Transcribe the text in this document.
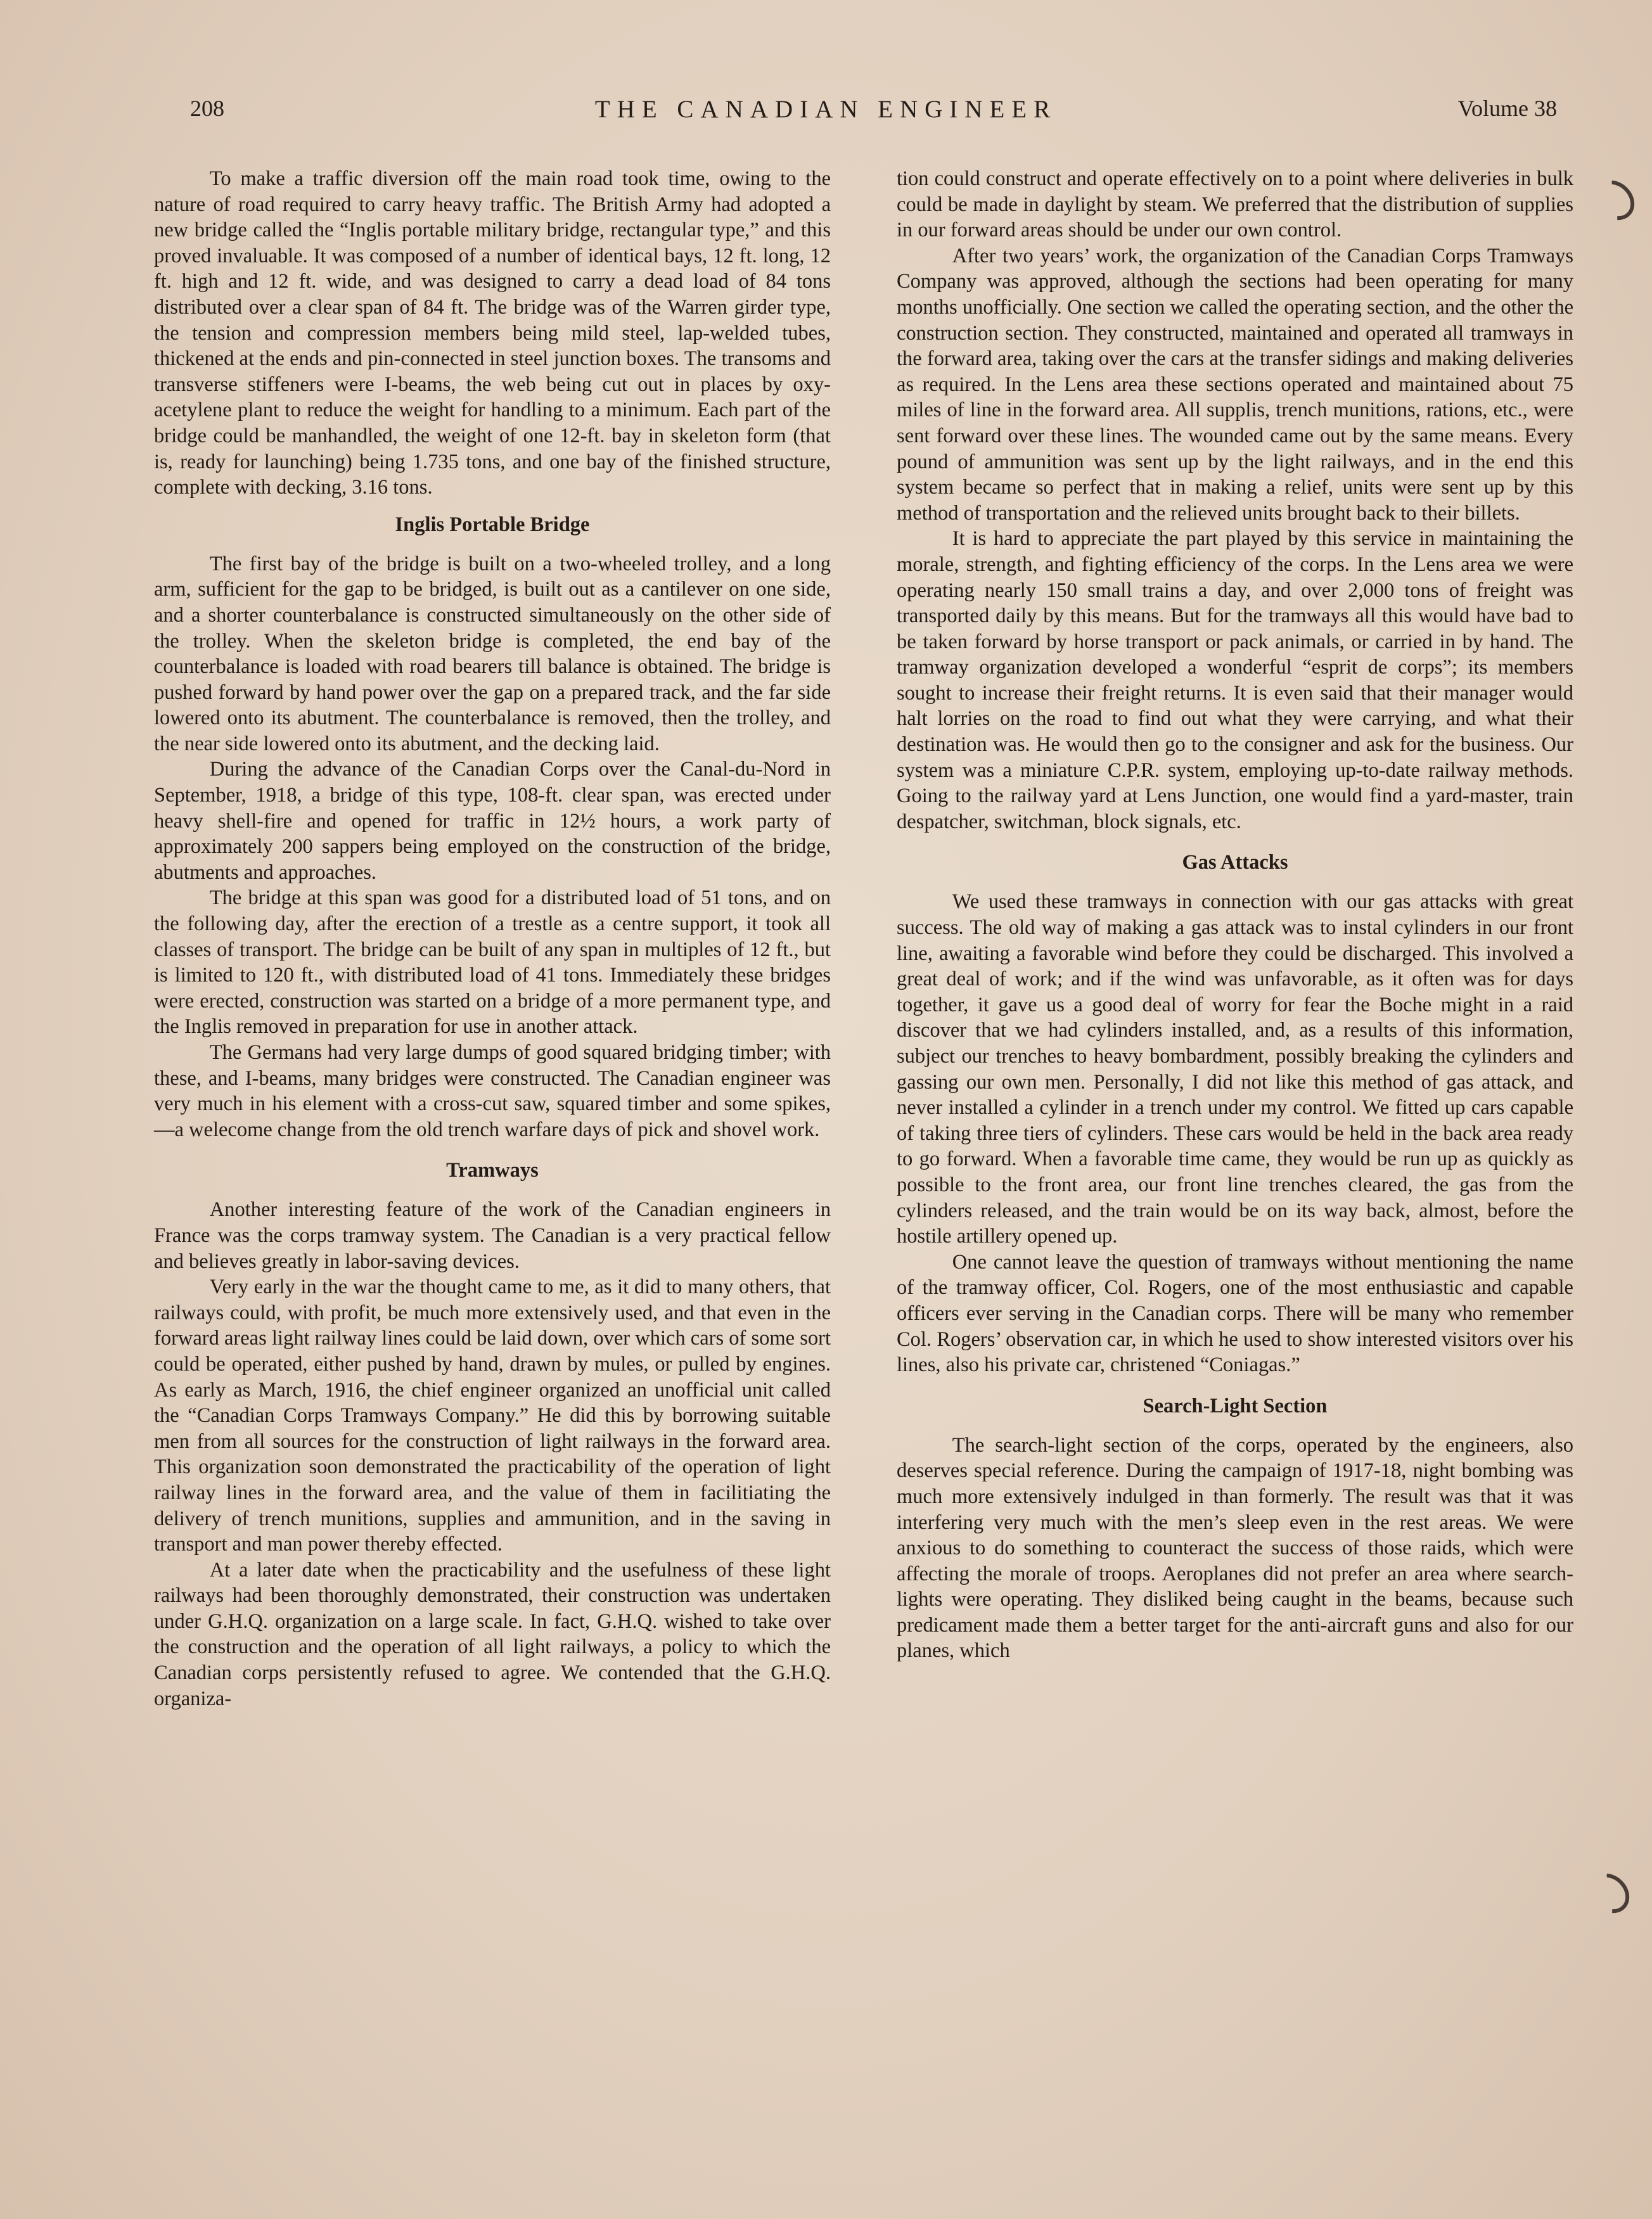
208	THE CANADIAN ENGINEER	Volume 38

To make a traffic diversion off the main road took time, owing to the nature of road required to carry heavy traffic. The British Army had adopted a new bridge called the “Inglis portable military bridge, rectangular type,” and this proved invaluable. It was composed of a number of identical bays, 12 ft. long, 12 ft. high and 12 ft. wide, and was designed to carry a dead load of 84 tons distributed over a clear span of 84 ft. The bridge was of the Warren girder type, the tension and compression members being mild steel, lap-welded tubes, thickened at the ends and pin-connected in steel junction boxes. The transoms and transverse stiffeners were I-beams, the web being cut out in places by oxy-acetylene plant to reduce the weight for handling to a minimum. Each part of the bridge could be manhandled, the weight of one 12-ft. bay in skeleton form (that is, ready for launching) being 1.735 tons, and one bay of the finished structure, complete with decking, 3.16 tons.

Inglis Portable Bridge

The first bay of the bridge is built on a two-wheeled trolley, and a long arm, sufficient for the gap to be bridged, is built out as a cantilever on one side, and a shorter counterbalance is constructed simultaneously on the other side of the trolley. When the skeleton bridge is completed, the end bay of the counterbalance is loaded with road bearers till balance is obtained. The bridge is pushed forward by hand power over the gap on a prepared track, and the far side lowered onto its abutment. The counterbalance is removed, then the trolley, and the near side lowered onto its abutment, and the decking laid.

During the advance of the Canadian Corps over the Canal-du-Nord in September, 1918, a bridge of this type, 108-ft. clear span, was erected under heavy shell-fire and opened for traffic in 12½ hours, a work party of approximately 200 sappers being employed on the construction of the bridge, abutments and approaches.

The bridge at this span was good for a distributed load of 51 tons, and on the following day, after the erection of a trestle as a centre support, it took all classes of transport. The bridge can be built of any span in multiples of 12 ft., but is limited to 120 ft., with distributed load of 41 tons. Immediately these bridges were erected, construction was started on a bridge of a more permanent type, and the Inglis removed in preparation for use in another attack.

The Germans had very large dumps of good squared bridging timber; with these, and I-beams, many bridges were constructed. The Canadian engineer was very much in his element with a cross-cut saw, squared timber and some spikes,—a welecome change from the old trench warfare days of pick and shovel work.

Tramways

Another interesting feature of the work of the Canadian engineers in France was the corps tramway system. The Canadian is a very practical fellow and believes greatly in labor-saving devices.

Very early in the war the thought came to me, as it did to many others, that railways could, with profit, be much more extensively used, and that even in the forward areas light railway lines could be laid down, over which cars of some sort could be operated, either pushed by hand, drawn by mules, or pulled by engines. As early as March, 1916, the chief engineer organized an unofficial unit called the “Canadian Corps Tramways Company.” He did this by borrowing suitable men from all sources for the construction of light railways in the forward area. This organization soon demonstrated the practicability of the operation of light railway lines in the forward area, and the value of them in facilitiating the delivery of trench munitions, supplies and ammunition, and in the saving in transport and man power thereby effected.

At a later date when the practicability and the usefulness of these light railways had been thoroughly demonstrated, their construction was undertaken under G.H.Q. organization on a large scale. In fact, G.H.Q. wished to take over the construction and the operation of all light railways, a policy to which the Canadian corps persistently refused to agree. We contended that the G.H.Q. organiza-

tion could construct and operate effectively on to a point where deliveries in bulk could be made in daylight by steam. We preferred that the distribution of supplies in our forward areas should be under our own control.

After two years’ work, the organization of the Canadian Corps Tramways Company was approved, although the sections had been operating for many months unofficially. One section we called the operating section, and the other the construction section. They constructed, maintained and operated all tramways in the forward area, taking over the cars at the transfer sidings and making deliveries as required. In the Lens area these sections operated and maintained about 75 miles of line in the forward area. All supplis, trench munitions, rations, etc., were sent forward over these lines. The wounded came out by the same means. Every pound of ammunition was sent up by the light railways, and in the end this system became so perfect that in making a relief, units were sent up by this method of transportation and the relieved units brought back to their billets.

It is hard to appreciate the part played by this service in maintaining the morale, strength, and fighting efficiency of the corps. In the Lens area we were operating nearly 150 small trains a day, and over 2,000 tons of freight was transported daily by this means. But for the tramways all this would have bad to be taken forward by horse transport or pack animals, or carried in by hand. The tramway organization developed a wonderful “esprit de corps”; its members sought to increase their freight returns. It is even said that their manager would halt lorries on the road to find out what they were carrying, and what their destination was. He would then go to the consigner and ask for the business. Our system was a miniature C.P.R. system, employing up-to-date railway methods. Going to the railway yard at Lens Junction, one would find a yard-master, train despatcher, switchman, block signals, etc.

Gas Attacks

We used these tramways in connection with our gas attacks with great success. The old way of making a gas attack was to instal cylinders in our front line, awaiting a favorable wind before they could be discharged. This involved a great deal of work; and if the wind was unfavorable, as it often was for days together, it gave us a good deal of worry for fear the Boche might in a raid discover that we had cylinders installed, and, as a results of this information, subject our trenches to heavy bombardment, possibly breaking the cylinders and gassing our own men. Personally, I did not like this method of gas attack, and never installed a cylinder in a trench under my control. We fitted up cars capable of taking three tiers of cylinders. These cars would be held in the back area ready to go forward. When a favorable time came, they would be run up as quickly as possible to the front area, our front line trenches cleared, the gas from the cylinders released, and the train would be on its way back, almost, before the hostile artillery opened up.

One cannot leave the question of tramways without mentioning the name of the tramway officer, Col. Rogers, one of the most enthusiastic and capable officers ever serving in the Canadian corps. There will be many who remember Col. Rogers’ observation car, in which he used to show interested visitors over his lines, also his private car, christened “Coniagas.”

Search-Light Section

The search-light section of the corps, operated by the engineers, also deserves special reference. During the campaign of 1917-18, night bombing was much more extensively indulged in than formerly. The result was that it was interfering very much with the men’s sleep even in the rest areas. We were anxious to do something to counteract the success of those raids, which were affecting the morale of troops. Aeroplanes did not prefer an area where search-lights were operating. They disliked being caught in the beams, because such predicament made them a better target for the anti-aircraft guns and also for our planes, which
